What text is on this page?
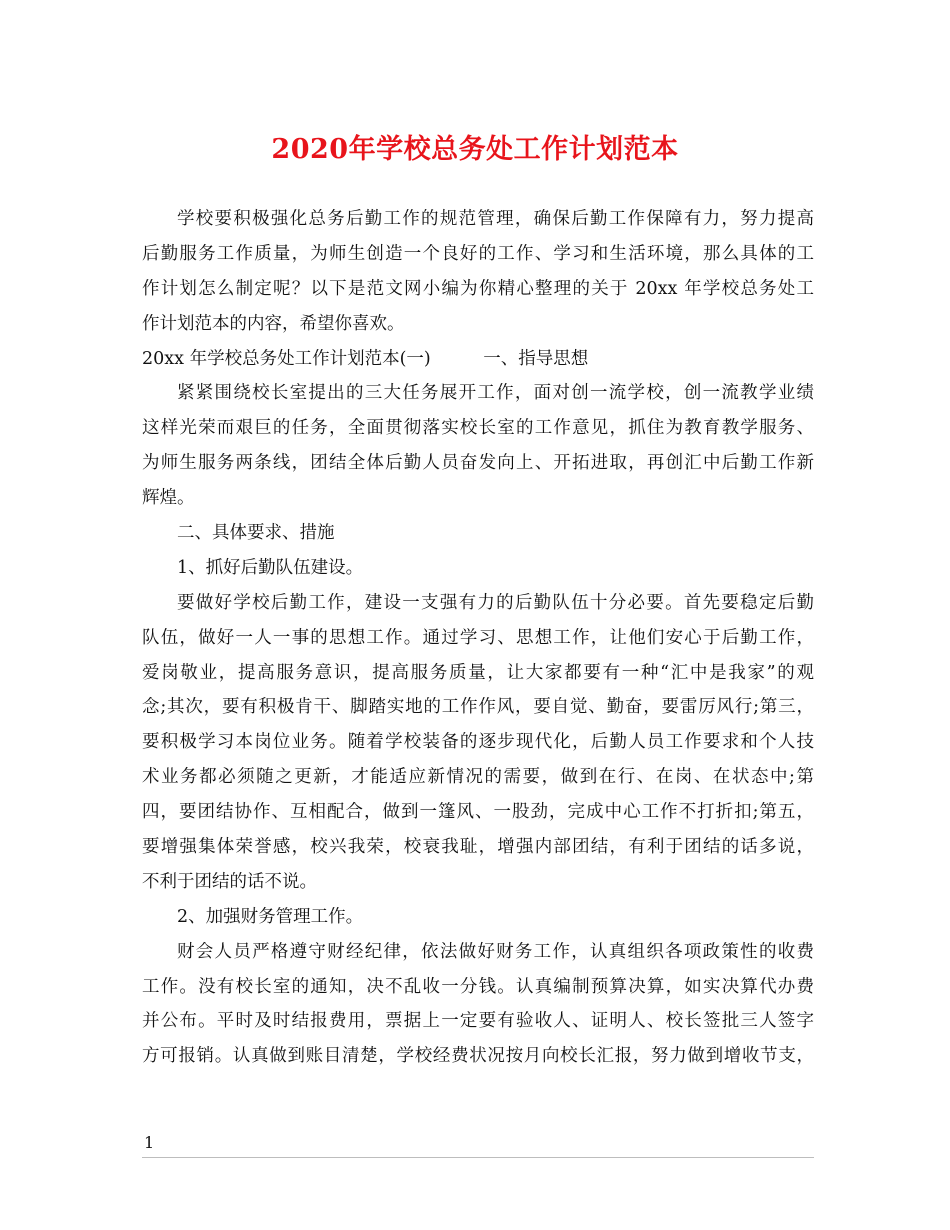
2020年学校总务处工作计划范本
学校要积极强化总务后勤工作的规范管理，确保后勤工作保障有力，努力提高
后勤服务工作质量，为师生创造一个良好的工作、学习和生活环境，那么具体的工
作计划怎么制定呢？以下是范文网小编为你精心整理的关于 20xx 年学校总务处工
作计划范本的内容，希望你喜欢。
20xx 年学校总务处工作计划范本(一)　　　一、指导思想
紧紧围绕校长室提出的三大任务展开工作，面对创一流学校，创一流教学业绩
这样光荣而艰巨的任务，全面贯彻落实校长室的工作意见，抓住为教育教学服务、
为师生服务两条线，团结全体后勤人员奋发向上、开拓进取，再创汇中后勤工作新
辉煌。
二、具体要求、措施
1、抓好后勤队伍建设。
要做好学校后勤工作，建设一支强有力的后勤队伍十分必要。首先要稳定后勤
队伍，做好一人一事的思想工作。通过学习、思想工作，让他们安心于后勤工作，
爱岗敬业，提高服务意识，提高服务质量，让大家都要有一种“汇中是我家”的观
念;其次，要有积极肯干、脚踏实地的工作作风，要自觉、勤奋，要雷厉风行;第三，
要积极学习本岗位业务。随着学校装备的逐步现代化，后勤人员工作要求和个人技
术业务都必须随之更新，才能适应新情况的需要，做到在行、在岗、在状态中;第
四，要团结协作、互相配合，做到一篷风、一股劲，完成中心工作不打折扣;第五，
要增强集体荣誉感，校兴我荣，校衰我耻，增强内部团结，有利于团结的话多说，
不利于团结的话不说。
2、加强财务管理工作。
财会人员严格遵守财经纪律，依法做好财务工作，认真组织各项政策性的收费
工作。没有校长室的通知，决不乱收一分钱。认真编制预算决算，如实决算代办费
并公布。平时及时结报费用，票据上一定要有验收人、证明人、校长签批三人签字
方可报销。认真做到账目清楚，学校经费状况按月向校长汇报，努力做到增收节支，
1
